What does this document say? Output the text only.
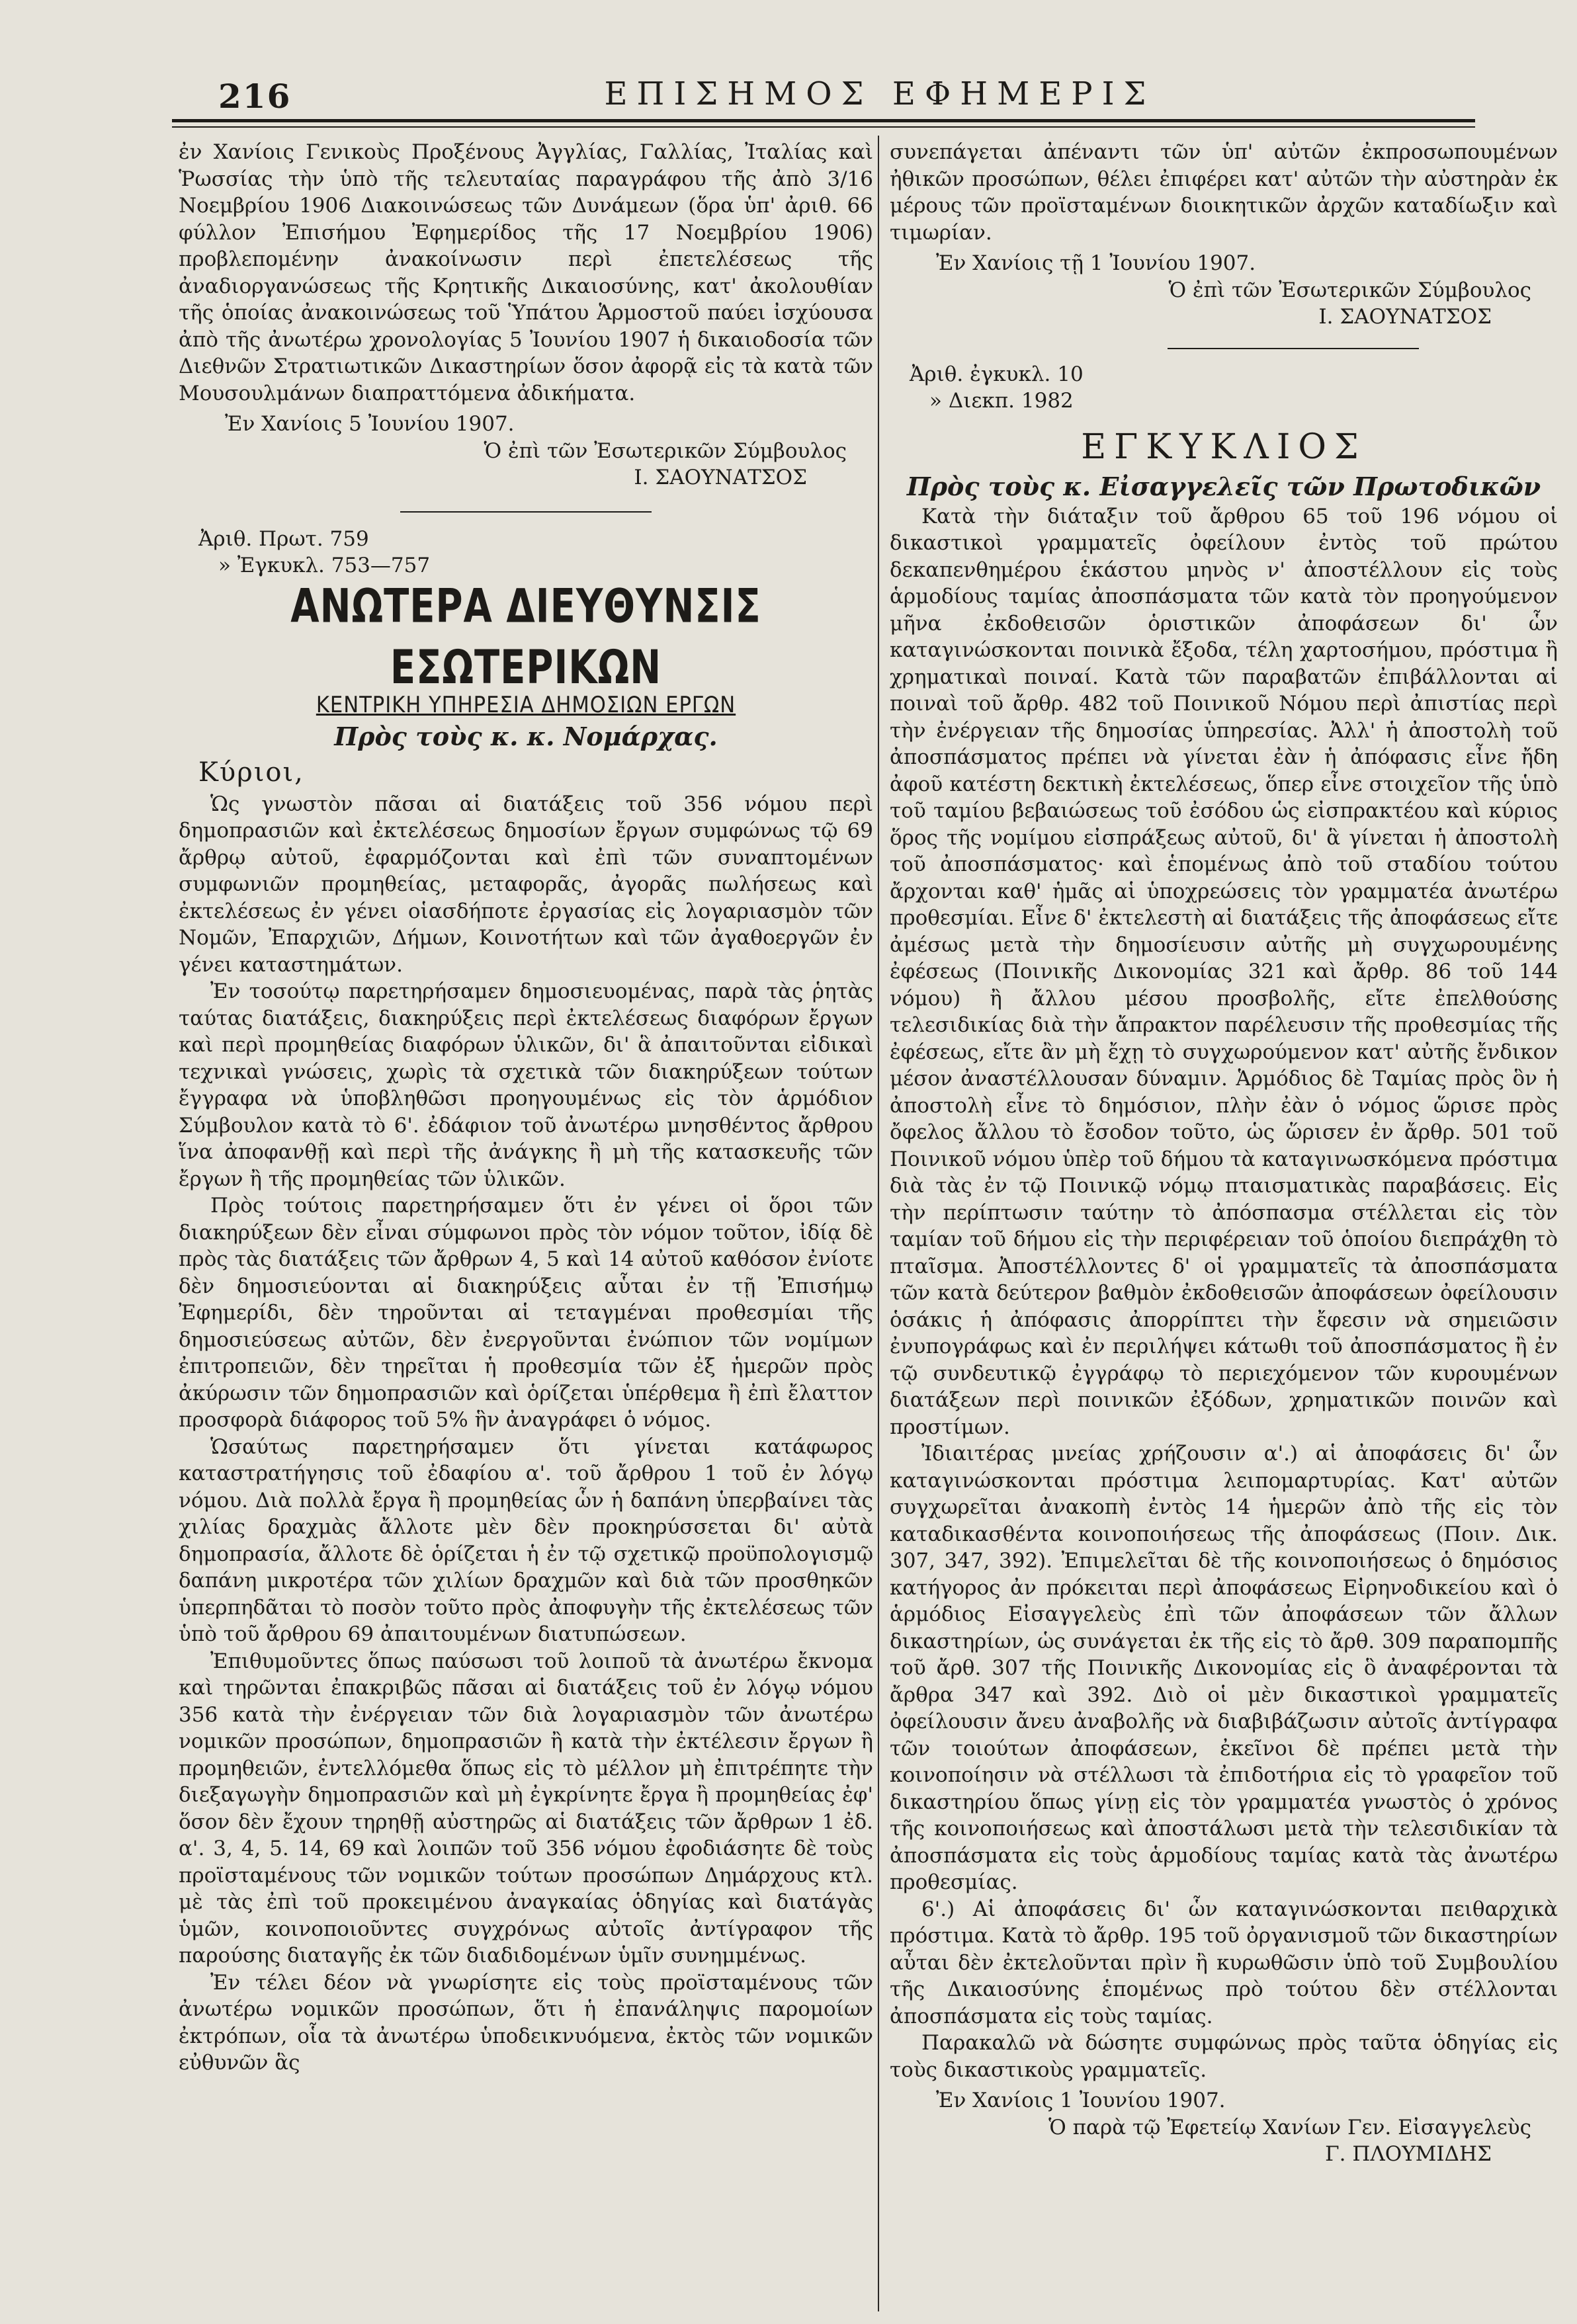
216	ΕΠΙΣΗΜΟΣ ΕΦΗΜΕΡΙΣ

ἐν Χανίοις Γενικοὺς Προξένους Ἀγγλίας, Γαλλίας, Ἰταλίας καὶ Ῥωσσίας τὴν ὑπὸ τῆς τελευταίας παραγράφου τῆς ἀπὸ 3/16 Νοεμβρίου 1906 Διακοινώσεως τῶν Δυνάμεων (ὅρα ὑπ' ἀριθ. 66 φύλλον Ἐπισήμου Ἐφημερίδος τῆς 17 Νοεμβρίου 1906) προβλεπομένην ἀνακοίνωσιν περὶ ἐπετελέσεως τῆς ἀναδιοργανώσεως τῆς Κρητικῆς Δικαιοσύνης, κατ' ἀκολουθίαν τῆς ὁποίας ἀνακοινώσεως τοῦ Ὑπάτου Ἁρμοστοῦ παύει ἰσχύουσα ἀπὸ τῆς ἀνωτέρω χρονολογίας 5 Ἰουνίου 1907 ἡ δικαιοδοσία τῶν Διεθνῶν Στρατιωτικῶν Δικαστηρίων ὅσον ἀφορᾷ εἰς τὰ κατὰ τῶν Μουσουλμάνων διαπραττόμενα ἀδικήματα.

Ἐν Χανίοις 5 Ἰουνίου 1907.

Ὁ ἐπὶ τῶν Ἐσωτερικῶν Σύμβουλος

Ι. ΣΑΟΥΝΑΤΣΟΣ

Ἀριθ. Πρωτ. 759

» Ἐγκυκλ. 753—757

ΑΝΩΤΕΡΑ ΔΙΕΥΘΥΝΣΙΣ ΕΣΩΤΕΡΙΚΩΝ
ΚΕΝΤΡΙΚΗ ΥΠΗΡΕΣΙΑ ΔΗΜΟΣΙΩΝ ΕΡΓΩΝ
Πρὸς τοὺς κ. κ. Νομάρχας.
Κύριοι,

Ὡς γνωστὸν πᾶσαι αἱ διατάξεις τοῦ 356 νόμου περὶ δημοπρασιῶν καὶ ἐκτελέσεως δημοσίων ἔργων συμφώνως τῷ 69 ἄρθρῳ αὐτοῦ, ἐφαρμόζονται καὶ ἐπὶ τῶν συναπτομένων συμφωνιῶν προμηθείας, μεταφορᾶς, ἀγορᾶς πωλήσεως καὶ ἐκτελέσεως ἐν γένει οἱασδήποτε ἐργασίας εἰς λογαριασμὸν τῶν Νομῶν, Ἐπαρχιῶν, Δήμων, Κοινοτήτων καὶ τῶν ἀγαθοεργῶν ἐν γένει καταστημάτων.

Ἐν τοσούτῳ παρετηρήσαμεν δημοσιευομένας, παρὰ τὰς ῥητὰς ταύτας διατάξεις, διακηρύξεις περὶ ἐκτελέσεως διαφόρων ἔργων καὶ περὶ προμηθείας διαφόρων ὑλικῶν, δι' ἃ ἀπαιτοῦνται εἰδικαὶ τεχνικαὶ γνώσεις, χωρὶς τὰ σχετικὰ τῶν διακηρύξεων τούτων ἔγγραφα νὰ ὑποβληθῶσι προηγουμένως εἰς τὸν ἁρμόδιον Σύμβουλον κατὰ τὸ 6'. ἐδάφιον τοῦ ἀνωτέρω μνησθέντος ἄρθρου ἵνα ἀποφανθῇ καὶ περὶ τῆς ἀνάγκης ἢ μὴ τῆς κατασκευῆς τῶν ἔργων ἢ τῆς προμηθείας τῶν ὑλικῶν.

Πρὸς τούτοις παρετηρήσαμεν ὅτι ἐν γένει οἱ ὅροι τῶν διακηρύξεων δὲν εἶναι σύμφωνοι πρὸς τὸν νόμον τοῦτον, ἰδίᾳ δὲ πρὸς τὰς διατάξεις τῶν ἄρθρων 4, 5 καὶ 14 αὐτοῦ καθόσον ἐνίοτε δὲν δημοσιεύονται αἱ διακηρύξεις αὗται ἐν τῇ Ἐπισήμῳ Ἐφημερίδι, δὲν τηροῦνται αἱ τεταγμέναι προθεσμίαι τῆς δημοσιεύσεως αὐτῶν, δὲν ἐνεργοῦνται ἐνώπιον τῶν νομίμων ἐπιτροπειῶν, δὲν τηρεῖται ἡ προθεσμία τῶν ἐξ ἡμερῶν πρὸς ἀκύρωσιν τῶν δημοπρασιῶν καὶ ὁρίζεται ὑπέρθεμα ἢ ἐπὶ ἔλαττον προσφορὰ διάφορος τοῦ 5% ἣν ἀναγράφει ὁ νόμος.

Ὡσαύτως παρετηρήσαμεν ὅτι γίνεται κατάφωρος καταστρατήγησις τοῦ ἐδαφίου α'. τοῦ ἄρθρου 1 τοῦ ἐν λόγῳ νόμου. Διὰ πολλὰ ἔργα ἢ προμηθείας ὧν ἡ δαπάνη ὑπερβαίνει τὰς χιλίας δραχμὰς ἄλλοτε μὲν δὲν προκηρύσσεται δι' αὐτὰ δημοπρασία, ἄλλοτε δὲ ὁρίζεται ἡ ἐν τῷ σχετικῷ προϋπολογισμῷ δαπάνη μικροτέρα τῶν χιλίων δραχμῶν καὶ διὰ τῶν προσθηκῶν ὑπερπηδᾶται τὸ ποσὸν τοῦτο πρὸς ἀποφυγὴν τῆς ἐκτελέσεως τῶν ὑπὸ τοῦ ἄρθρου 69 ἀπαιτουμένων διατυπώσεων.

Ἐπιθυμοῦντες ὅπως παύσωσι τοῦ λοιποῦ τὰ ἀνωτέρω ἔκνομα καὶ τηρῶνται ἐπακριβῶς πᾶσαι αἱ διατάξεις τοῦ ἐν λόγῳ νόμου 356 κατὰ τὴν ἐνέργειαν τῶν διὰ λογαριασμὸν τῶν ἀνωτέρω νομικῶν προσώπων, δημοπρασιῶν ἢ κατὰ τὴν ἐκτέλεσιν ἔργων ἢ προμηθειῶν, ἐντελλόμεθα ὅπως εἰς τὸ μέλλον μὴ ἐπιτρέπητε τὴν διεξαγωγὴν δημοπρασιῶν καὶ μὴ ἐγκρίνητε ἔργα ἢ προμηθείας ἐφ' ὅσον δὲν ἔχουν τηρηθῇ αὐστηρῶς αἱ διατάξεις τῶν ἄρθρων 1 ἐδ. α'. 3, 4, 5. 14, 69 καὶ λοιπῶν τοῦ 356 νόμου ἐφοδιάσητε δὲ τοὺς προϊσταμένους τῶν νομικῶν τούτων προσώπων Δημάρχους κτλ. μὲ τὰς ἐπὶ τοῦ προκειμένου ἀναγκαίας ὁδηγίας καὶ διατάγὰς ὑμῶν, κοινοποιοῦντες συγχρόνως αὐτοῖς ἀντίγραφον τῆς παρούσης διαταγῆς ἐκ τῶν διαδιδομένων ὑμῖν συνημμένως.

Ἐν τέλει δέον νὰ γνωρίσητε εἰς τοὺς προϊσταμένους τῶν ἀνωτέρω νομικῶν προσώπων, ὅτι ἡ ἐπανάληψις παρομοίων ἐκτρόπων, οἷα τὰ ἀνωτέρω ὑποδεικνυόμενα, ἐκτὸς τῶν νομικῶν εὐθυνῶν ἃς

συνεπάγεται ἀπέναντι τῶν ὑπ' αὐτῶν ἐκπροσωπουμένων ἠθικῶν προσώπων, θέλει ἐπιφέρει κατ' αὐτῶν τὴν αὐστηρὰν ἐκ μέρους τῶν προϊσταμένων διοικητικῶν ἀρχῶν καταδίωξιν καὶ τιμωρίαν.

Ἐν Χανίοις τῇ 1 Ἰουνίου 1907.

Ὁ ἐπὶ τῶν Ἐσωτερικῶν Σύμβουλος

Ι. ΣΑΟΥΝΑΤΣΟΣ

Ἀριθ. ἐγκυκλ. 10

» Διεκπ. 1982

ΕΓΚΥΚΛΙΟΣ
Πρὸς τοὺς κ. Εἰσαγγελεῖς τῶν Πρωτοδικῶν

Κατὰ τὴν διάταξιν τοῦ ἄρθρου 65 τοῦ 196 νόμου οἱ δικαστικοὶ γραμματεῖς ὀφείλουν ἐντὸς τοῦ πρώτου δεκαπενθημέρου ἑκάστου μηνὸς ν' ἀποστέλλουν εἰς τοὺς ἁρμοδίους ταμίας ἀποσπάσματα τῶν κατὰ τὸν προηγούμενον μῆνα ἐκδοθεισῶν ὁριστικῶν ἀποφάσεων δι' ὧν καταγινώσκονται ποινικὰ ἔξοδα, τέλη χαρτοσήμου, πρόστιμα ἢ χρηματικαὶ ποιναί. Κατὰ τῶν παραβατῶν ἐπιβάλλονται αἱ ποιναὶ τοῦ ἄρθρ. 482 τοῦ Ποινικοῦ Νόμου περὶ ἀπιστίας περὶ τὴν ἐνέργειαν τῆς δημοσίας ὑπηρεσίας. Ἀλλ' ἡ ἀποστολὴ τοῦ ἀποσπάσματος πρέπει νὰ γίνεται ἐὰν ἡ ἀπόφασις εἶνε ἤδη ἀφοῦ κατέστη δεκτικὴ ἐκτελέσεως, ὅπερ εἶνε στοιχεῖον τῆς ὑπὸ τοῦ ταμίου βεβαιώσεως τοῦ ἐσόδου ὡς εἰσπρακτέου καὶ κύριος ὅρος τῆς νομίμου εἰσπράξεως αὐτοῦ, δι' ἃ γίνεται ἡ ἀποστολὴ τοῦ ἀποσπάσματος· καὶ ἑπομένως ἀπὸ τοῦ σταδίου τούτου ἄρχονται καθ' ἡμᾶς αἱ ὑποχρεώσεις τὸν γραμματέα ἀνωτέρω προθεσμίαι. Εἶνε δ' ἐκτελεστὴ αἱ διατάξεις τῆς ἀποφάσεως εἴτε ἀμέσως μετὰ τὴν δημοσίευσιν αὐτῆς μὴ συγχωρουμένης ἐφέσεως (Ποινικῆς Δικονομίας 321 καὶ ἄρθρ. 86 τοῦ 144 νόμου) ἢ ἄλλου μέσου προσβολῆς, εἴτε ἐπελθούσης τελεσιδικίας διὰ τὴν ἄπρακτον παρέλευσιν τῆς προθεσμίας τῆς ἐφέσεως, εἴτε ἂν μὴ ἔχῃ τὸ συγχωρούμενον κατ' αὐτῆς ἔνδικον μέσον ἀναστέλλουσαν δύναμιν. Ἁρμόδιος δὲ Ταμίας πρὸς ὃν ἡ ἀποστολὴ εἶνε τὸ δημόσιον, πλὴν ἐὰν ὁ νόμος ὥρισε πρὸς ὄφελος ἄλλου τὸ ἔσοδον τοῦτο, ὡς ὥρισεν ἐν ἄρθρ. 501 τοῦ Ποινικοῦ νόμου ὑπὲρ τοῦ δήμου τὰ καταγινωσκόμενα πρόστιμα διὰ τὰς ἐν τῷ Ποινικῷ νόμῳ πταισματικὰς παραβάσεις. Εἰς τὴν περίπτωσιν ταύτην τὸ ἀπόσπασμα στέλλεται εἰς τὸν ταμίαν τοῦ δήμου εἰς τὴν περιφέρειαν τοῦ ὁποίου διεπράχθη τὸ πταῖσμα. Ἀποστέλλοντες δ' οἱ γραμματεῖς τὰ ἀποσπάσματα τῶν κατὰ δεύτερον βαθμὸν ἐκδοθεισῶν ἀποφάσεων ὀφείλουσιν ὁσάκις ἡ ἀπόφασις ἀπορρίπτει τὴν ἔφεσιν νὰ σημειῶσιν ἐνυπογράφως καὶ ἐν περιλήψει κάτωθι τοῦ ἀποσπάσματος ἢ ἐν τῷ συνδευτικῷ ἐγγράφῳ τὸ περιεχόμενον τῶν κυρουμένων διατάξεων περὶ ποινικῶν ἐξόδων, χρηματικῶν ποινῶν καὶ προστίμων.

Ἰδιαιτέρας μνείας χρήζουσιν α'.) αἱ ἀποφάσεις δι' ὧν καταγινώσκονται πρόστιμα λειπομαρτυρίας. Κατ' αὐτῶν συγχωρεῖται ἀνακοπὴ ἐντὸς 14 ἡμερῶν ἀπὸ τῆς εἰς τὸν καταδικασθέντα κοινοποιήσεως τῆς ἀποφάσεως (Ποιν. Δικ. 307, 347, 392). Ἐπιμελεῖται δὲ τῆς κοινοποιήσεως ὁ δημόσιος κατήγορος ἀν πρόκειται περὶ ἀποφάσεως Εἰρηνοδικείου καὶ ὁ ἁρμόδιος Εἰσαγγελεὺς ἐπὶ τῶν ἀποφάσεων τῶν ἄλλων δικαστηρίων, ὡς συνάγεται ἐκ τῆς εἰς τὸ ἄρθ. 309 παραπομπῆς τοῦ ἄρθ. 307 τῆς Ποινικῆς Δικονομίας εἰς ὃ ἀναφέρονται τὰ ἄρθρα 347 καὶ 392. Διὸ οἱ μὲν δικαστικοὶ γραμματεῖς ὀφείλουσιν ἄνευ ἀναβολῆς νὰ διαβιβάζωσιν αὐτοῖς ἀντίγραφα τῶν τοιούτων ἀποφάσεων, ἐκεῖνοι δὲ πρέπει μετὰ τὴν κοινοποίησιν νὰ στέλλωσι τὰ ἐπιδοτήρια εἰς τὸ γραφεῖον τοῦ δικαστηρίου ὅπως γίνῃ εἰς τὸν γραμματέα γνωστὸς ὁ χρόνος τῆς κοινοποιήσεως καὶ ἀποστάλωσι μετὰ τὴν τελεσιδικίαν τὰ ἀποσπάσματα εἰς τοὺς ἁρμοδίους ταμίας κατὰ τὰς ἀνωτέρω προθεσμίας.

6'.) Αἱ ἀποφάσεις δι' ὧν καταγινώσκονται πειθαρχικὰ πρόστιμα. Κατὰ τὸ ἄρθρ. 195 τοῦ ὀργανισμοῦ τῶν δικαστηρίων αὗται δὲν ἐκτελοῦνται πρὶν ἢ κυρωθῶσιν ὑπὸ τοῦ Συμβουλίου τῆς Δικαιοσύνης ἑπομένως πρὸ τούτου δὲν στέλλονται ἀποσπάσματα εἰς τοὺς ταμίας.

Παρακαλῶ νὰ δώσητε συμφώνως πρὸς ταῦτα ὁδηγίας εἰς τοὺς δικαστικοὺς γραμματεῖς.

Ἐν Χανίοις 1 Ἰουνίου 1907.

Ὁ παρὰ τῷ Ἐφετείῳ Χανίων Γεν. Εἰσαγγελεὺς

Γ. ΠΛΟΥΜΙΔΗΣ
